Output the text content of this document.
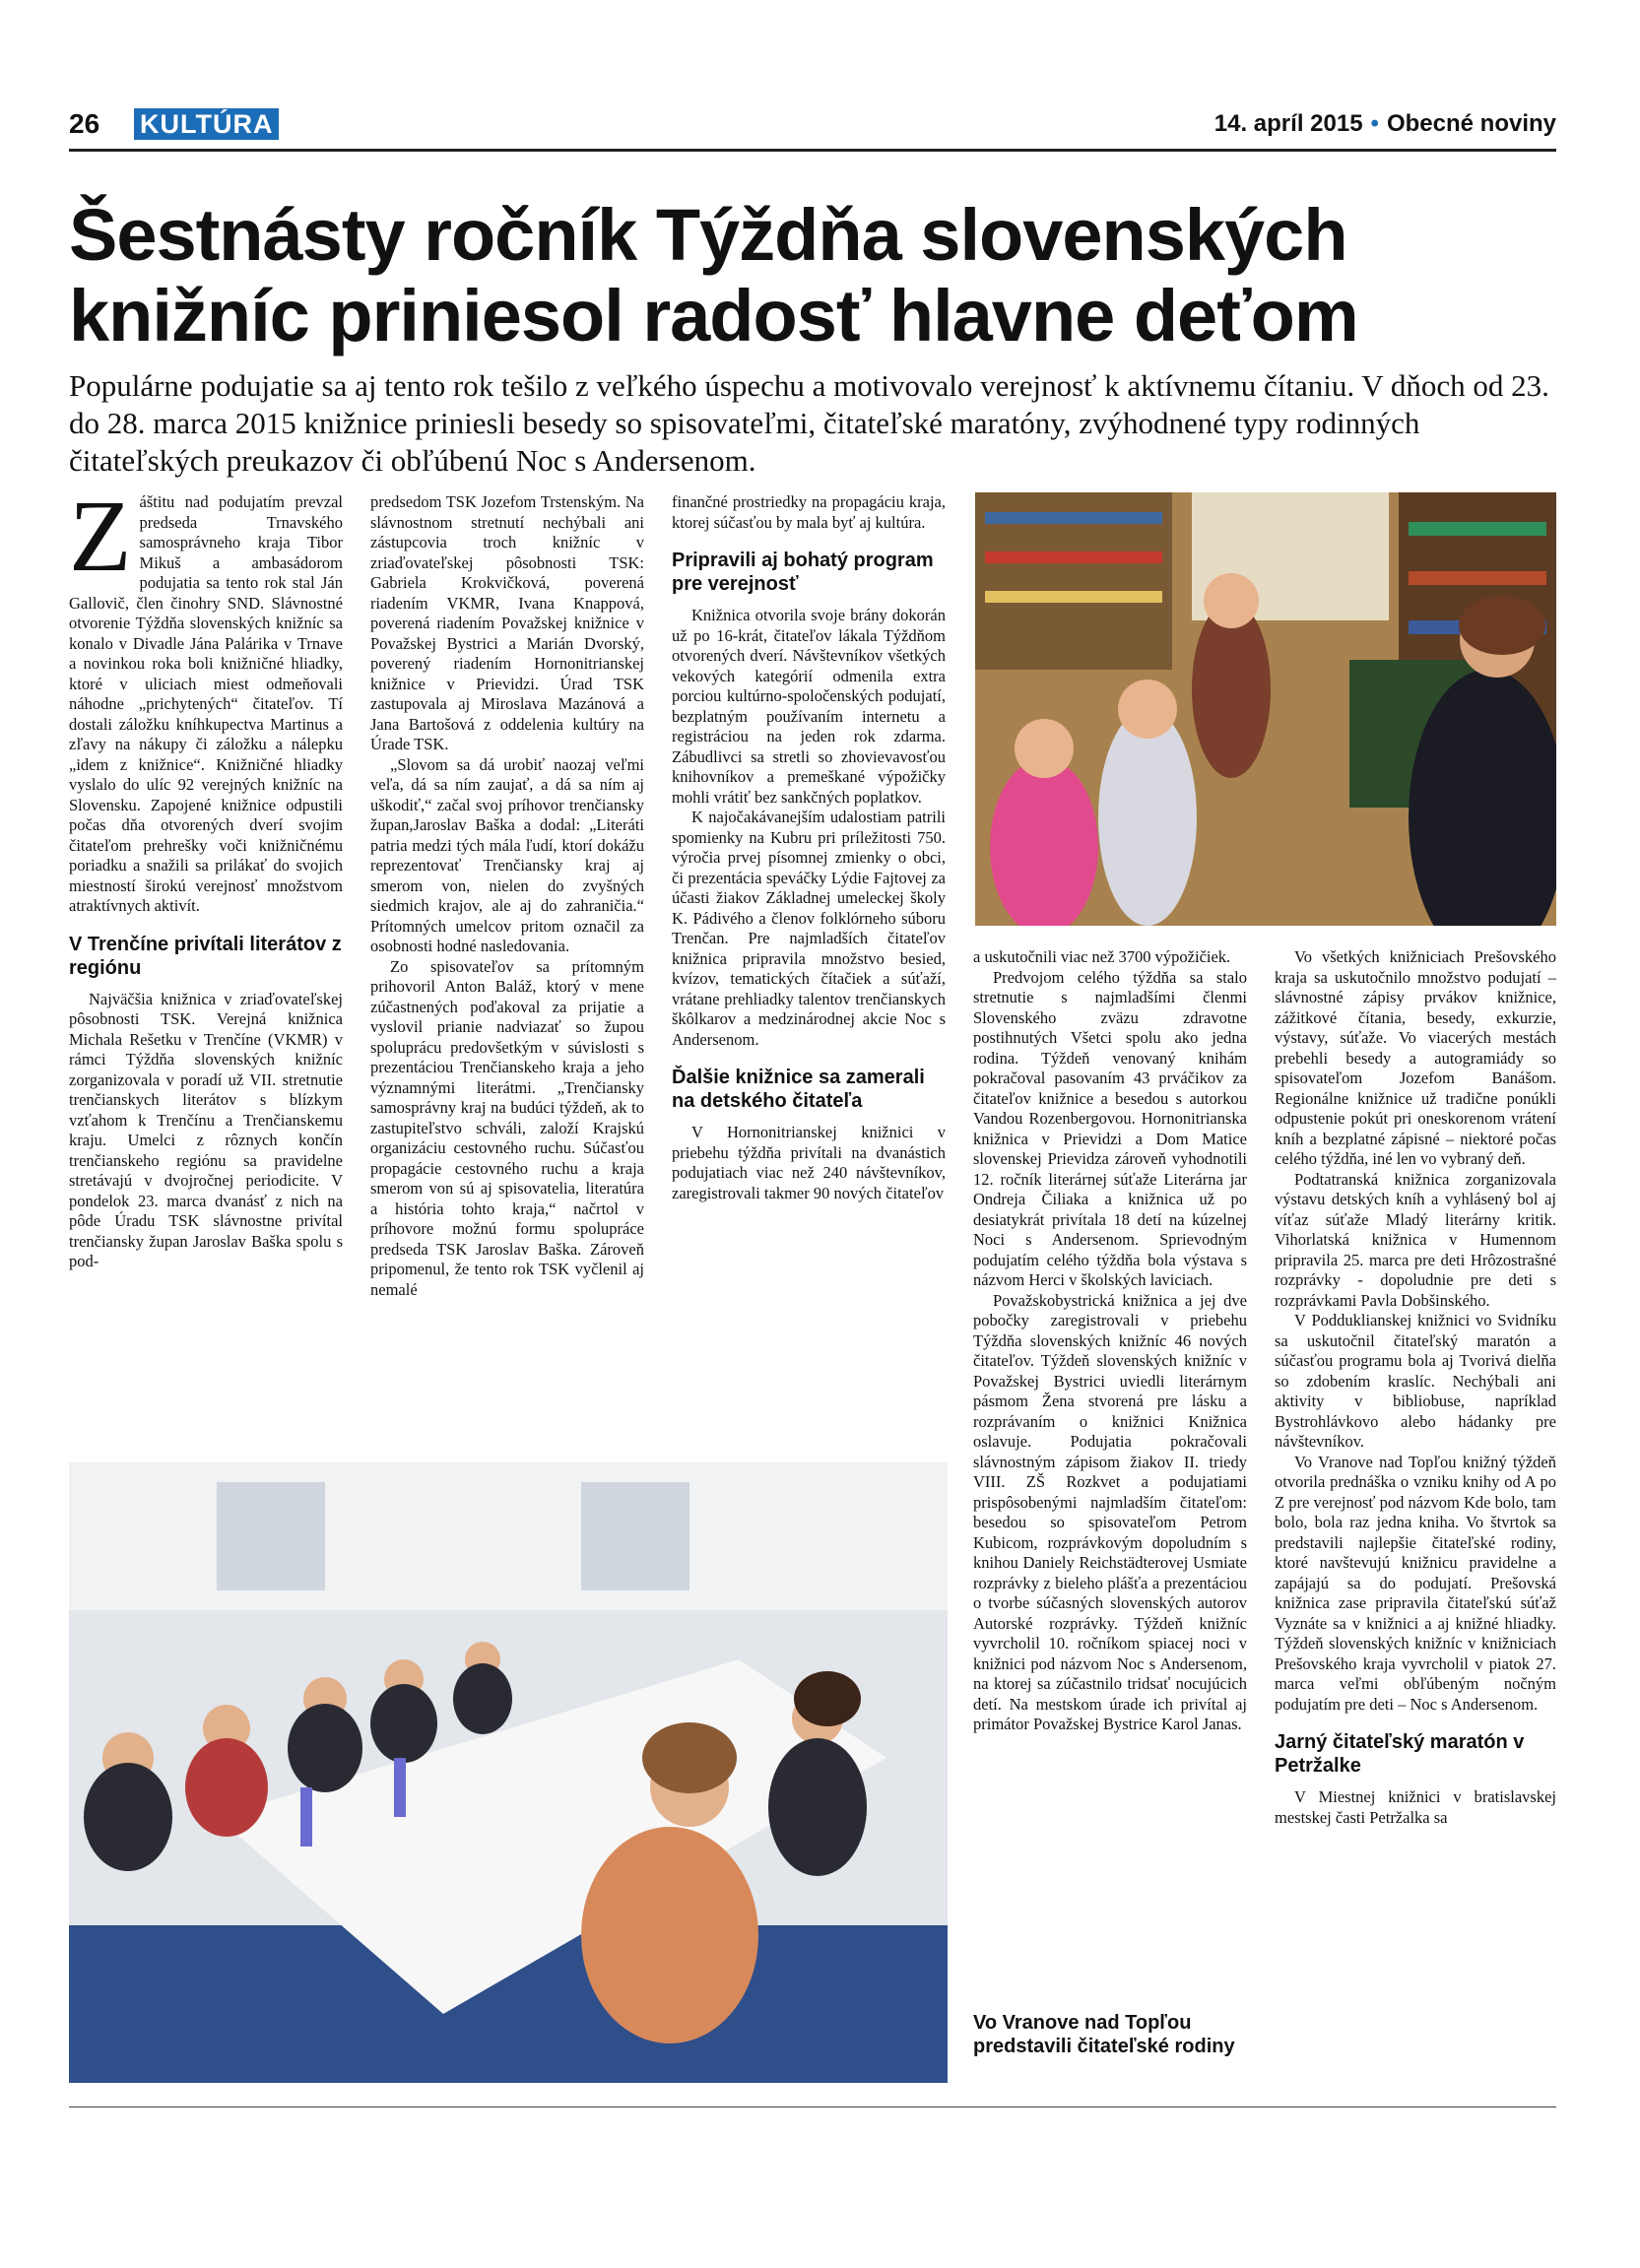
26 KULTÚRA	14. apríl 2015 • Obecné noviny
Šestnásty ročník Týždňa slovenských knižníc priniesol radosť hlavne deťom
Populárne podujatie sa aj tento rok tešilo z veľkého úspechu a motivovalo verejnosť k aktívnemu čítaniu. V dňoch od 23. do 28. marca 2015 knižnice priniesli besedy so spisovateľmi, čitateľské maratóny, zvýhodnené typy rodinných čitateľských preukazov či obľúbenú Noc s Andersenom.

Záštitu nad podujatím prevzal predseda Trnavského samosprávneho kraja Tibor Mikuš a ambasádorom podujatia sa tento rok stal Ján Gallovič, člen činohry SND. Slávnostné otvorenie Týždňa slovenských knižníc sa konalo v Divadle Jána Palárika v Trnave a novinkou roka boli knižničné hliadky, ktoré v uliciach miest odmeňovali náhodne „prichytených“ čitateľov. Tí dostali záložku kníhkupectva Martinus a zľavy na nákupy či záložku a nálepku „idem z knižnice“. Knižničné hliadky vyslalo do ulíc 92 verejných knižníc na Slovensku. Zapojené knižnice odpustili počas dňa otvorených dverí svojim čitateľom prehrešky voči knižničnému poriadku a snažili sa prilákať do svojich miestností širokú verejnosť množstvom atraktívnych aktivít.

V Trenčíne privítali literátov z regiónu

Najväčšia knižnica v zriaďovateľskej pôsobnosti TSK. Verejná knižnica Michala Rešetku v Trenčíne (VKMR) v rámci Týždňa slovenských knižníc zorganizovala v poradí už VII. stretnutie trenčianskych literátov s blízkym vzťahom k Trenčínu a Trenčianskemu kraju. Umelci z rôznych končín trenčianskeho regiónu sa pravidelne stretávajú v dvojročnej periodicite. V pondelok 23. marca dvanásť z nich na pôde Úradu TSK slávnostne privítal trenčiansky župan Jaroslav Baška spolu s pod-

predsedom TSK Jozefom Trstenským. Na slávnostnom stretnutí nechýbali ani zástupcovia troch knižníc v zriaďovateľskej pôsobnosti TSK: Gabriela Krokvičková, poverená riadením VKMR, Ivana Knappová, poverená riadením Považskej knižnice v Považskej Bystrici a Marián Dvorský, poverený riadením Hornonitrianskej knižnice v Prievidzi. Úrad TSK zastupovala aj Miroslava Mazánová a Jana Bartošová z oddelenia kultúry na Úrade TSK.

„Slovom sa dá urobiť naozaj veľmi veľa, dá sa ním zaujať, a dá sa ním aj uškodiť,“ začal svoj príhovor trenčiansky župan,Jaroslav Baška a dodal: „Literáti patria medzi tých mála ľudí, ktorí dokážu reprezentovať Trenčiansky kraj aj smerom von, nielen do zvyšných siedmich krajov, ale aj do zahraničia.“ Prítomných umelcov pritom označil za osobnosti hodné nasledovania.

Zo spisovateľov sa prítomným prihovoril Anton Baláž, ktorý v mene zúčastnených poďakoval za prijatie a vyslovil prianie nadviazať so župou spoluprácu predovšetkým v súvislosti s prezentáciou Trenčianskeho kraja a jeho významnými literátmi. „Trenčiansky samosprávny kraj na budúci týždeň, ak to zastupiteľstvo schváli, založí Krajskú organizáciu cestovného ruchu. Súčasťou propagácie cestovného ruchu a kraja smerom von sú aj spisovatelia, literatúra a história tohto kraja,“ načrtol v príhovore možnú formu spolupráce predseda TSK Jaroslav Baška. Zároveň pripomenul, že tento rok TSK vyčlenil aj nemalé

finančné prostriedky na propagáciu kraja, ktorej súčasťou by mala byť aj kultúra.

Pripravili aj bohatý program pre verejnosť

Knižnica otvorila svoje brány dokorán už po 16-krát, čitateľov lákala Týždňom otvorených dverí. Návštevníkov všetkých vekových kategórií odmenila extra porciou kultúrno-spoločenských podujatí, bezplatným používaním internetu a registráciou na jeden rok zdarma. Zábudlivci sa stretli so zhovievavosťou knihovníkov a premeškané výpožičky mohli vrátiť bez sankčných poplatkov.

K najočakávanejším udalostiam patrili spomienky na Kubru pri príležitosti 750. výročia prvej písomnej zmienky o obci, či prezentácia speváčky Lýdie Fajtovej za účasti žiakov Základnej umeleckej školy K. Pádivého a členov folklórneho súboru Trenčan. Pre najmladších čitateľov knižnica pripravila množstvo besied, kvízov, tematických čítačiek a súťaží, vrátane prehliadky talentov trenčianskych škôlkarov a medzinárodnej akcie Noc s Andersenom.

Ďalšie knižnice sa zamerali na detského čitateľa

V Hornonitrianskej knižnici v priebehu týždňa privítali na dvanástich podujatiach viac než 240 návštevníkov, zaregistrovali takmer 90 nových čitateľov

a uskutočnili viac než 3700 výpožičiek.

Predvojom celého týždňa sa stalo stretnutie s najmladšími členmi Slovenského zväzu zdravotne postihnutých Všetci spolu ako jedna rodina. Týždeň venovaný knihám pokračoval pasovaním 43 prváčikov za čitateľov knižnice a besedou s autorkou Vandou Rozenbergovou. Hornonitrianska knižnica v Prievidzi a Dom Matice slovenskej Prievidza zároveň vyhodnotili 12. ročník literárnej súťaže Literárna jar Ondreja Čiliaka a knižnica už po desiatykrát privítala 18 detí na kúzelnej Noci s Andersenom. Sprievodným podujatím celého týždňa bola výstava s názvom Herci v školských laviciach.

Považskobystrická knižnica a jej dve pobočky zaregistrovali v priebehu Týždňa slovenských knižníc 46 nových čitateľov. Týždeň slovenských knižníc v Považskej Bystrici uviedli literárnym pásmom Žena stvorená pre lásku a rozprávaním o knižnici Knižnica oslavuje. Podujatia pokračovali slávnostným zápisom žiakov II. triedy VIII. ZŠ Rozkvet a podujatiami prispôsobenými najmladším čitateľom: besedou so spisovateľom Petrom Kubicom, rozprávkovým dopoludním s knihou Daniely Reichstädterovej Usmiate rozprávky z bieleho plášťa a prezentáciou o tvorbe súčasných slovenských autorov Autorské rozprávky. Týždeň knižníc vyvrcholil 10. ročníkom spiacej noci v knižnici pod názvom Noc s Andersenom, na ktorej sa zúčastnilo tridsať nocujúcich detí. Na mestskom úrade ich privítal aj primátor Považskej Bystrice Karol Janas.

Vo všetkých knižniciach Prešovského kraja sa uskutočnilo množstvo podujatí – slávnostné zápisy prvákov knižnice, zážitkové čítania, besedy, exkurzie, výstavy, súťaže. Vo viacerých mestách prebehli besedy a autogramiády so spisovateľom Jozefom Banášom. Regionálne knižnice už tradične ponúkli odpustenie pokút pri oneskorenom vrátení kníh a bezplatné zápisné – niektoré počas celého týždňa, iné len vo vybraný deň.

Podtatranská knižnica zorganizovala výstavu detských kníh a vyhlásený bol aj víťaz súťaže Mladý literárny kritik. Vihorlatská knižnica v Humennom pripravila 25. marca pre deti Hrôzostrašné rozprávky - dopoludnie pre deti s rozprávkami Pavla Dobšinského.

V Podduklianskej knižnici vo Svidníku sa uskutočnil čitateľský maratón a súčasťou programu bola aj Tvorivá dielňa so zdobením kraslíc. Nechýbali ani aktivity v bibliobuse, napríklad Bystrohlávkovo alebo hádanky pre návštevníkov.

Vo Vranove nad Topľou knižný týždeň otvorila prednáška o vzniku knihy od A po Z pre verejnosť pod názvom Kde bolo, tam bolo, bola raz jedna kniha. Vo štvrtok sa predstavili najlepšie čitateľské rodiny, ktoré navštevujú knižnicu pravidelne a zapájajú sa do podujatí. Prešovská knižnica zase pripravila čitateľskú súťaž Vyznáte sa v knižnici a aj knižné hliadky. Týždeň slovenských knižníc v knižniciach Prešovského kraja vyvrcholil v piatok 27. marca veľmi obľúbeným nočným podujatím pre deti – Noc s Andersenom.

Jarný čitateľský maratón v Petržalke

V Miestnej knižnici v bratislavskej mestskej časti Petržalka sa

Vo Vranove nad Topľou predstavili čitateľské rodiny
